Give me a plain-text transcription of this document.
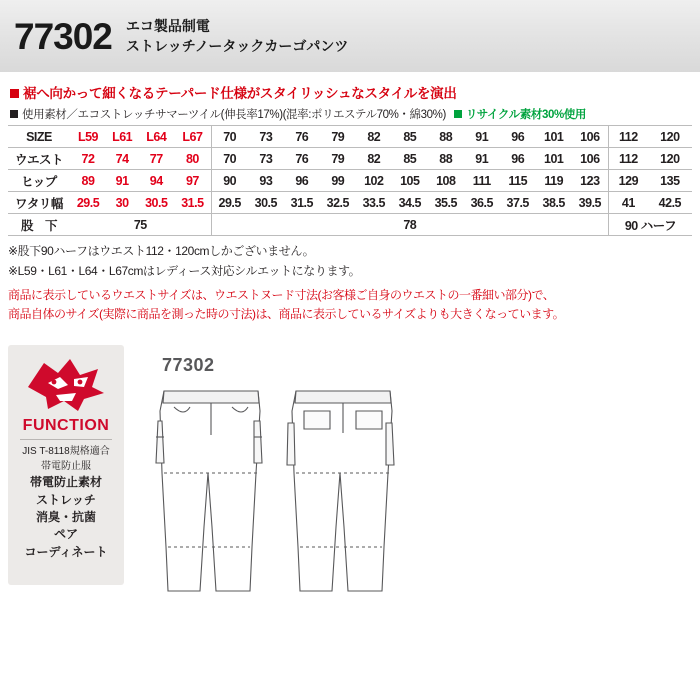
77302 エコ製品制電
ストレッチノータックカーゴパンツ
裾へ向かって細くなるテーパード仕様がスタイリッシュなスタイルを演出
使用素材／エコストレッチサマーツイル(伸長率17%)(混率:ポリエステル70%・綿30%)	リサイクル素材30%使用
SIZE	L59	L61	L64	L67	70	73	76	79	82	85	88	91	96	101	106	112	120
ウエスト	72	74	77	80	70	73	76	79	82	85	88	91	96	101	106	112	120
ヒップ	89	91	94	97	90	93	96	99	102	105	108	111	115	119	123	129	135
ワタリ幅	29.5	30	30.5	31.5	29.5	30.5	31.5	32.5	33.5	34.5	35.5	36.5	37.5	38.5	39.5	41	42.5
股　下	75				78											90 ハーフ	
※股下90ハーフはウエスト112・120cmしかございません。
※L59・L61・L64・L67cmはレディース対応シルエットになります。
商品に表示しているウエストサイズは、ウエストヌード寸法(お客様ご自身のウエストの一番細い部分)で、
商品自体のサイズ(実際に商品を測った時の寸法)は、商品に表示しているサイズよりも大きくなっています。
FUNCTION
JIS T-8118規格適合
帯電防止服
帯電防止素材
ストレッチ
消臭・抗菌
ペア
コーディネート
77302
